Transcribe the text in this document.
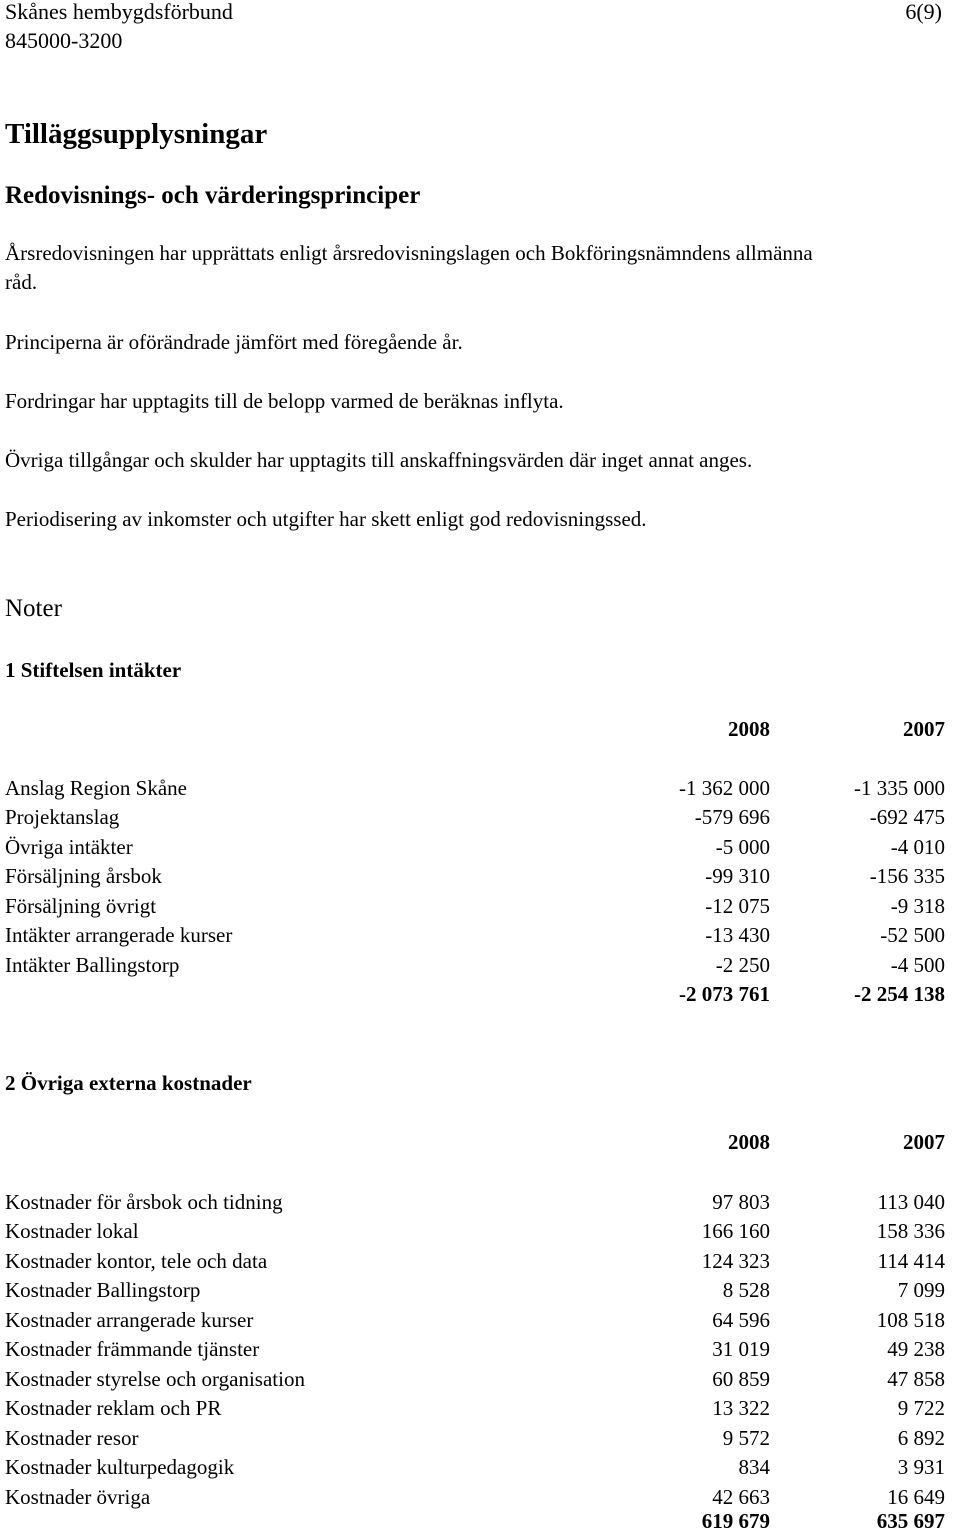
Skånes hembygdsförbund
845000-3200
6(9)
Tilläggsupplysningar
Redovisnings- och värderingsprinciper
Årsredovisningen har upprättats enligt årsredovisningslagen och Bokföringsnämndens allmänna
råd.
Principerna är oförändrade jämfört med föregående år.
Fordringar har upptagits till de belopp varmed de beräknas inflyta.
Övriga tillgångar och skulder har upptagits till anskaffningsvärden där inget annat anges.
Periodisering av inkomster och utgifter har skett enligt god redovisningssed.
Noter
1 Stiftelsen intäkter
2008	2007
Anslag Region Skåne	-1 362 000	-1 335 000
Projektanslag	-579 696	-692 475
Övriga intäkter	-5 000	-4 010
Försäljning årsbok	-99 310	-156 335
Försäljning övrigt	-12 075	-9 318
Intäkter arrangerade kurser	-13 430	-52 500
Intäkter Ballingstorp	-2 250	-4 500
-2 073 761	-2 254 138
2 Övriga externa kostnader
2008	2007
Kostnader för årsbok och tidning	97 803	113 040
Kostnader lokal	166 160	158 336
Kostnader kontor, tele och data	124 323	114 414
Kostnader Ballingstorp	8 528	7 099
Kostnader arrangerade kurser	64 596	108 518
Kostnader främmande tjänster	31 019	49 238
Kostnader styrelse och organisation	60 859	47 858
Kostnader reklam och PR	13 322	9 722
Kostnader resor	9 572	6 892
Kostnader kulturpedagogik	834	3 931
Kostnader övriga	42 663	16 649
619 679	635 697
